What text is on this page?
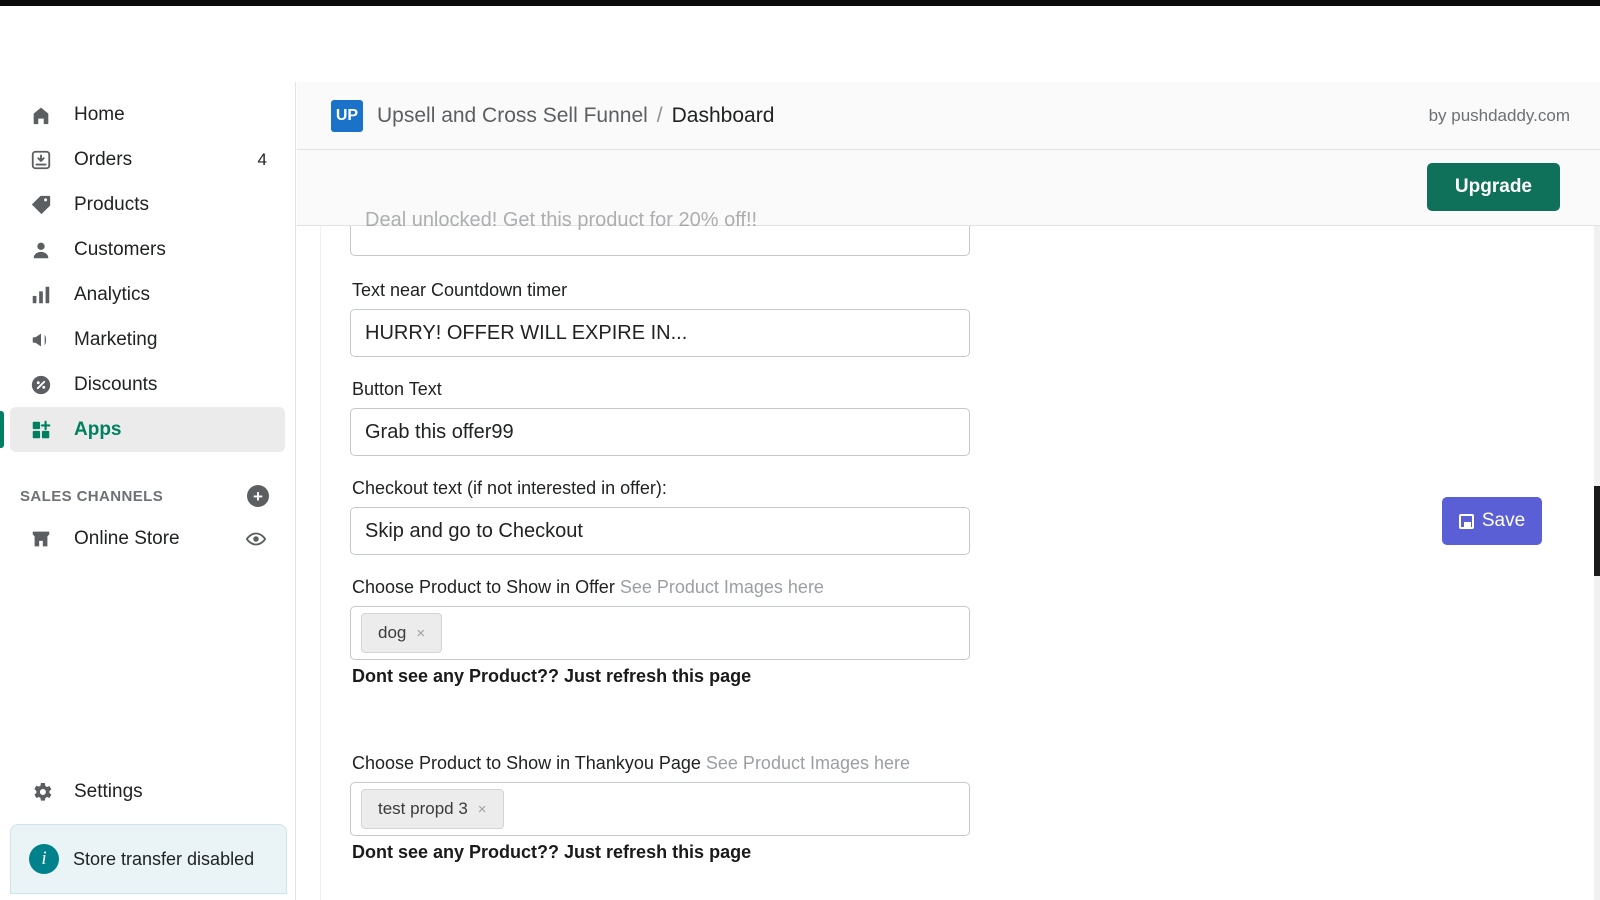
Home
Orders	4
Products
Customers
Analytics
Marketing
Discounts
Apps
SALES CHANNELS	+
Online Store
Settings
i	Store transfer disabled
UP Upsell and Cross Sell Funnel / Dashboard	by pushdaddy.com
Upgrade
Deal unlocked! Get this product for 20% off!!
Text near Countdown timer
HURRY! OFFER WILL EXPIRE IN...
Button Text
Grab this offer99
Checkout text (if not interested in offer):
Skip and go to Checkout
Choose Product to Show in Offer See Product Images here
dog ×
Dont see any Product?? Just refresh this page
Choose Product to Show in Thankyou Page See Product Images here
test propd 3 ×
Dont see any Product?? Just refresh this page
Save
